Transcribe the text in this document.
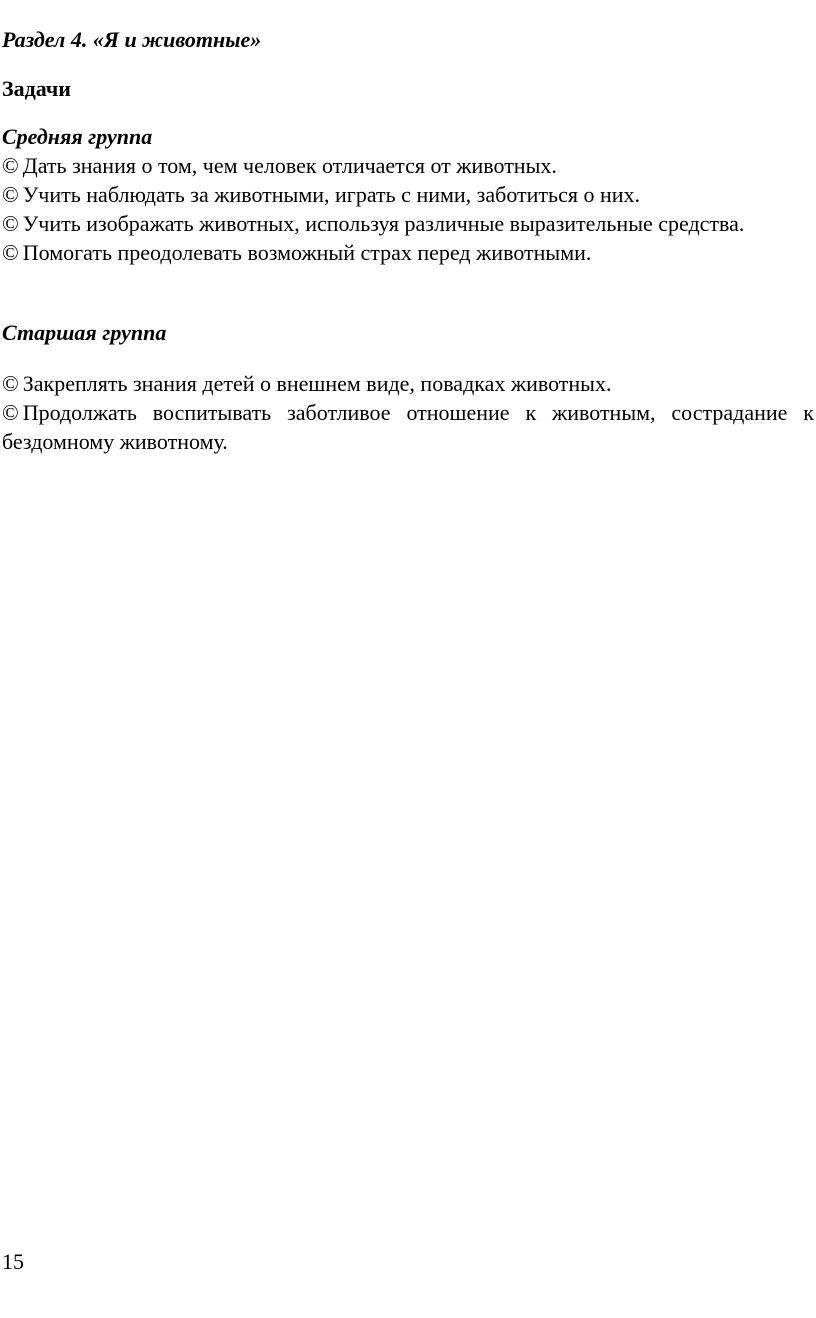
Раздел 4. «Я и животные»

Задачи

Средняя группа

© Дать знания о том, чем человек отличается от животных.
© Учить наблюдать за животными, играть с ними, заботиться о них.
© Учить изображать животных, используя различные выразительные средства.
© Помогать преодолевать возможный страх перед животными.

Старшая группа

© Закреплять знания детей о внешнем виде, повадках животных.
© Продолжать воспитывать заботливое отношение к животным, сострадание к бездомному животному.
15
